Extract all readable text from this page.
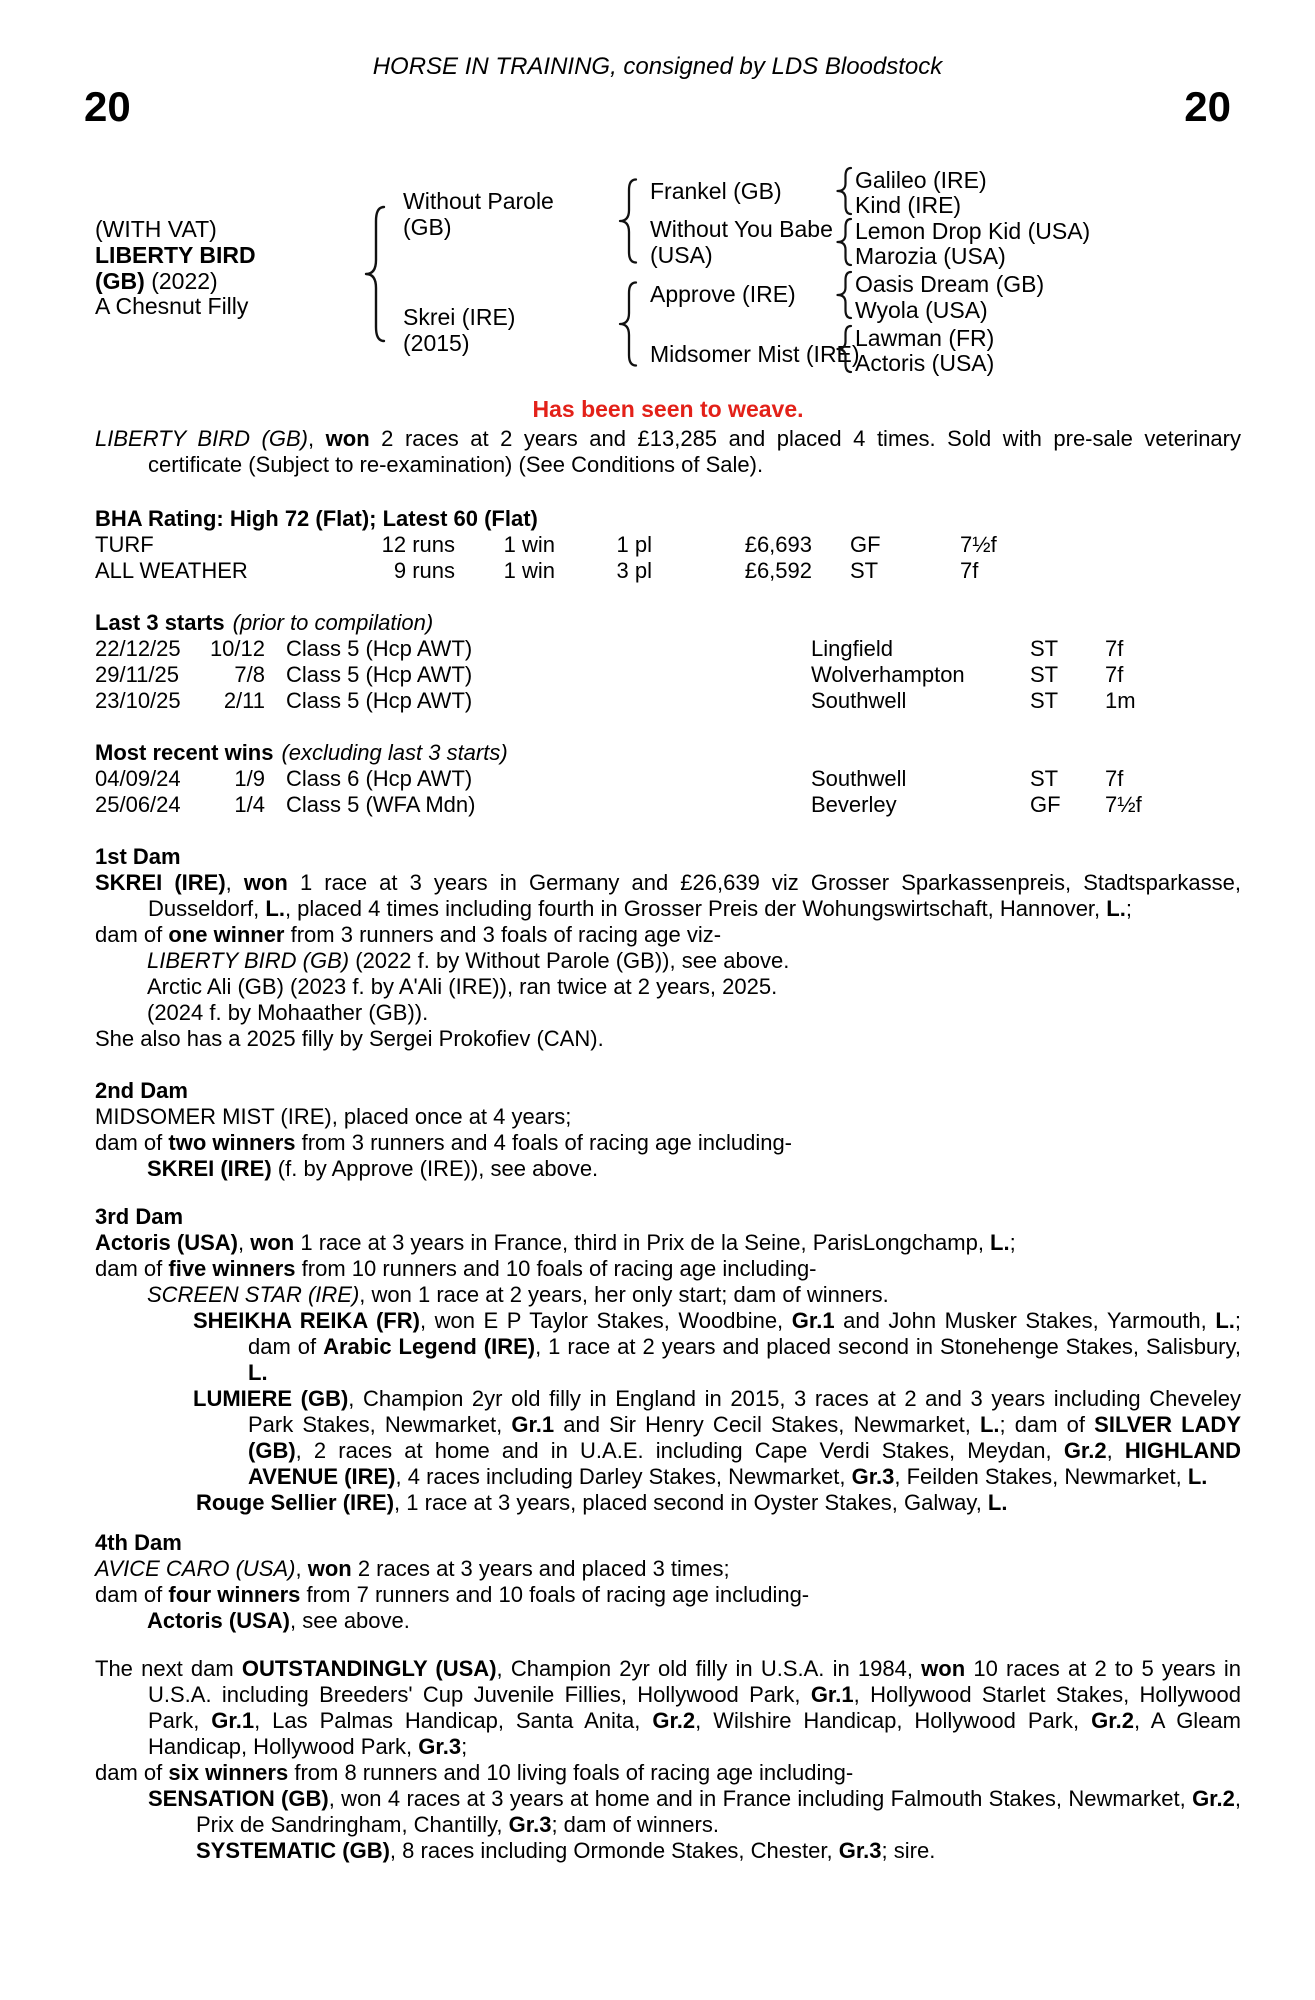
HORSE IN TRAINING, consigned by LDS Bloodstock
20	20
(WITH VAT)
LIBERTY BIRD
(GB) (2022)
A Chesnut Filly
Without Parole
(GB)
Skrei (IRE)
(2015)
Frankel (GB)
Without You Babe
(USA)
Approve (IRE)
Midsomer Mist (IRE)
Galileo (IRE)
Kind (IRE)
Lemon Drop Kid (USA)
Marozia (USA)
Oasis Dream (GB)
Wyola (USA)
Lawman (FR)
Actoris (USA)
Has been seen to weave.
LIBERTY BIRD (GB), won 2 races at 2 years and £13,285 and placed 4 times. Sold with pre-sale veterinary certificate (Subject to re-examination) (See Conditions of Sale).
BHA Rating: High 72 (Flat); Latest 60 (Flat)
TURF	12 runs	1 win	1 pl	£6,693	GF	7½f
ALL WEATHER	9 runs	1 win	3 pl	£6,592	ST	7f
Last 3 starts (prior to compilation)
22/12/25	10/12 Class 5 (Hcp AWT)	Lingfield	ST	7f
29/11/25	7/8 Class 5 (Hcp AWT)	Wolverhampton	ST	7f
23/10/25	2/11 Class 5 (Hcp AWT)	Southwell	ST	1m
Most recent wins (excluding last 3 starts)
04/09/24	1/9 Class 6 (Hcp AWT)	Southwell	ST	7f
25/06/24	1/4 Class 5 (WFA Mdn)	Beverley	GF	7½f
1st Dam
SKREI (IRE), won 1 race at 3 years in Germany and £26,639 viz Grosser Sparkassenpreis, Stadtsparkasse, Dusseldorf, L., placed 4 times including fourth in Grosser Preis der Wohungswirtschaft, Hannover, L.;
dam of one winner from 3 runners and 3 foals of racing age viz-
LIBERTY BIRD (GB) (2022 f. by Without Parole (GB)), see above.
Arctic Ali (GB) (2023 f. by A'Ali (IRE)), ran twice at 2 years, 2025.
(2024 f. by Mohaather (GB)).
She also has a 2025 filly by Sergei Prokofiev (CAN).
2nd Dam
MIDSOMER MIST (IRE), placed once at 4 years;
dam of two winners from 3 runners and 4 foals of racing age including-
SKREI (IRE) (f. by Approve (IRE)), see above.
3rd Dam
Actoris (USA), won 1 race at 3 years in France, third in Prix de la Seine, ParisLongchamp, L.;
dam of five winners from 10 runners and 10 foals of racing age including-
SCREEN STAR (IRE), won 1 race at 2 years, her only start; dam of winners.
SHEIKHA REIKA (FR), won E P Taylor Stakes, Woodbine, Gr.1 and John Musker Stakes, Yarmouth, L.; dam of Arabic Legend (IRE), 1 race at 2 years and placed second in Stonehenge Stakes, Salisbury, L.
LUMIERE (GB), Champion 2yr old filly in England in 2015, 3 races at 2 and 3 years including Cheveley Park Stakes, Newmarket, Gr.1 and Sir Henry Cecil Stakes, Newmarket, L.; dam of SILVER LADY (GB), 2 races at home and in U.A.E. including Cape Verdi Stakes, Meydan, Gr.2, HIGHLAND AVENUE (IRE), 4 races including Darley Stakes, Newmarket, Gr.3, Feilden Stakes, Newmarket, L.
Rouge Sellier (IRE), 1 race at 3 years, placed second in Oyster Stakes, Galway, L.
4th Dam
AVICE CARO (USA), won 2 races at 3 years and placed 3 times;
dam of four winners from 7 runners and 10 foals of racing age including-
Actoris (USA), see above.
The next dam OUTSTANDINGLY (USA), Champion 2yr old filly in U.S.A. in 1984, won 10 races at 2 to 5 years in U.S.A. including Breeders' Cup Juvenile Fillies, Hollywood Park, Gr.1, Hollywood Starlet Stakes, Hollywood Park, Gr.1, Las Palmas Handicap, Santa Anita, Gr.2, Wilshire Handicap, Hollywood Park, Gr.2, A Gleam Handicap, Hollywood Park, Gr.3;
dam of six winners from 8 runners and 10 living foals of racing age including-
SENSATION (GB), won 4 races at 3 years at home and in France including Falmouth Stakes, Newmarket, Gr.2, Prix de Sandringham, Chantilly, Gr.3; dam of winners.
SYSTEMATIC (GB), 8 races including Ormonde Stakes, Chester, Gr.3; sire.
